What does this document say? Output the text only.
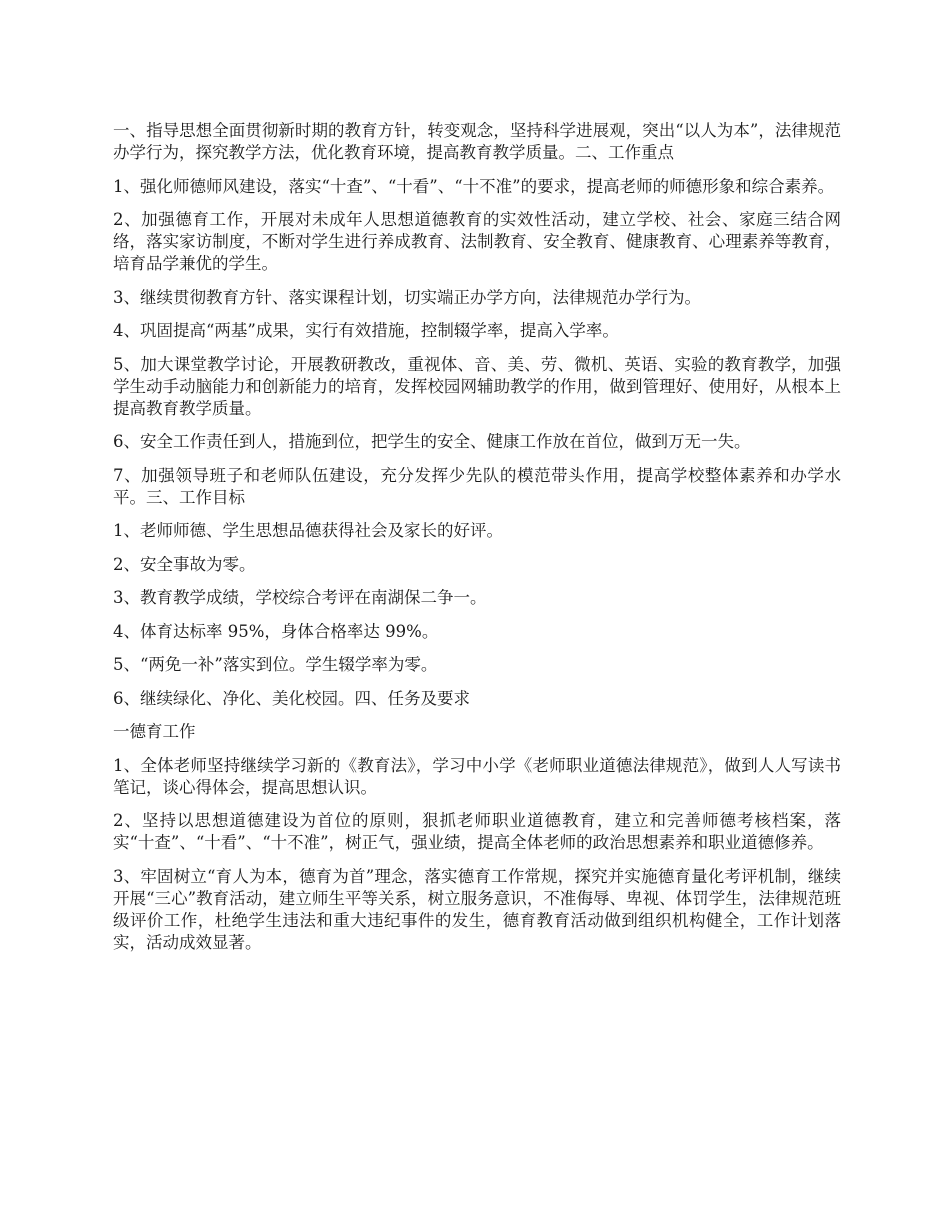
一、指导思想全面贯彻新时期的教育方针，转变观念，坚持科学进展观，突出“以人为本”，法律规范办学行为，探究教学方法，优化教育环境，提高教育教学质量。二、工作重点

1、强化师德师风建设，落实“十查”、“十看”、“十不准”的要求，提高老师的师德形象和综合素养。

2、加强德育工作，开展对未成年人思想道德教育的实效性活动，建立学校、社会、家庭三结合网络，落实家访制度，不断对学生进行养成教育、法制教育、安全教育、健康教育、心理素养等教育，培育品学兼优的学生。

3、继续贯彻教育方针、落实课程计划，切实端正办学方向，法律规范办学行为。

4、巩固提高“两基”成果，实行有效措施，控制辍学率，提高入学率。

5、加大课堂教学讨论，开展教研教改，重视体、音、美、劳、微机、英语、实验的教育教学，加强学生动手动脑能力和创新能力的培育，发挥校园网辅助教学的作用，做到管理好、使用好，从根本上提高教育教学质量。

6、安全工作责任到人，措施到位，把学生的安全、健康工作放在首位，做到万无一失。

7、加强领导班子和老师队伍建设，充分发挥少先队的模范带头作用，提高学校整体素养和办学水平。三、工作目标

1、老师师德、学生思想品德获得社会及家长的好评。

2、安全事故为零。

3、教育教学成绩，学校综合考评在南湖保二争一。

4、体育达标率 95%，身体合格率达 99%。

5、“两免一补”落实到位。学生辍学率为零。

6、继续绿化、净化、美化校园。四、任务及要求

一德育工作

1、全体老师坚持继续学习新的《教育法》，学习中小学《老师职业道德法律规范》，做到人人写读书笔记，谈心得体会，提高思想认识。

2、坚持以思想道德建设为首位的原则，狠抓老师职业道德教育，建立和完善师德考核档案，落实“十查”、“十看”、“十不准”，树正气，强业绩，提高全体老师的政治思想素养和职业道德修养。

3、牢固树立“育人为本，德育为首”理念，落实德育工作常规，探究并实施德育量化考评机制，继续开展“三心”教育活动，建立师生平等关系，树立服务意识，不准侮辱、卑视、体罚学生，法律规范班级评价工作，杜绝学生违法和重大违纪事件的发生，德育教育活动做到组织机构健全，工作计划落实，活动成效显著。
